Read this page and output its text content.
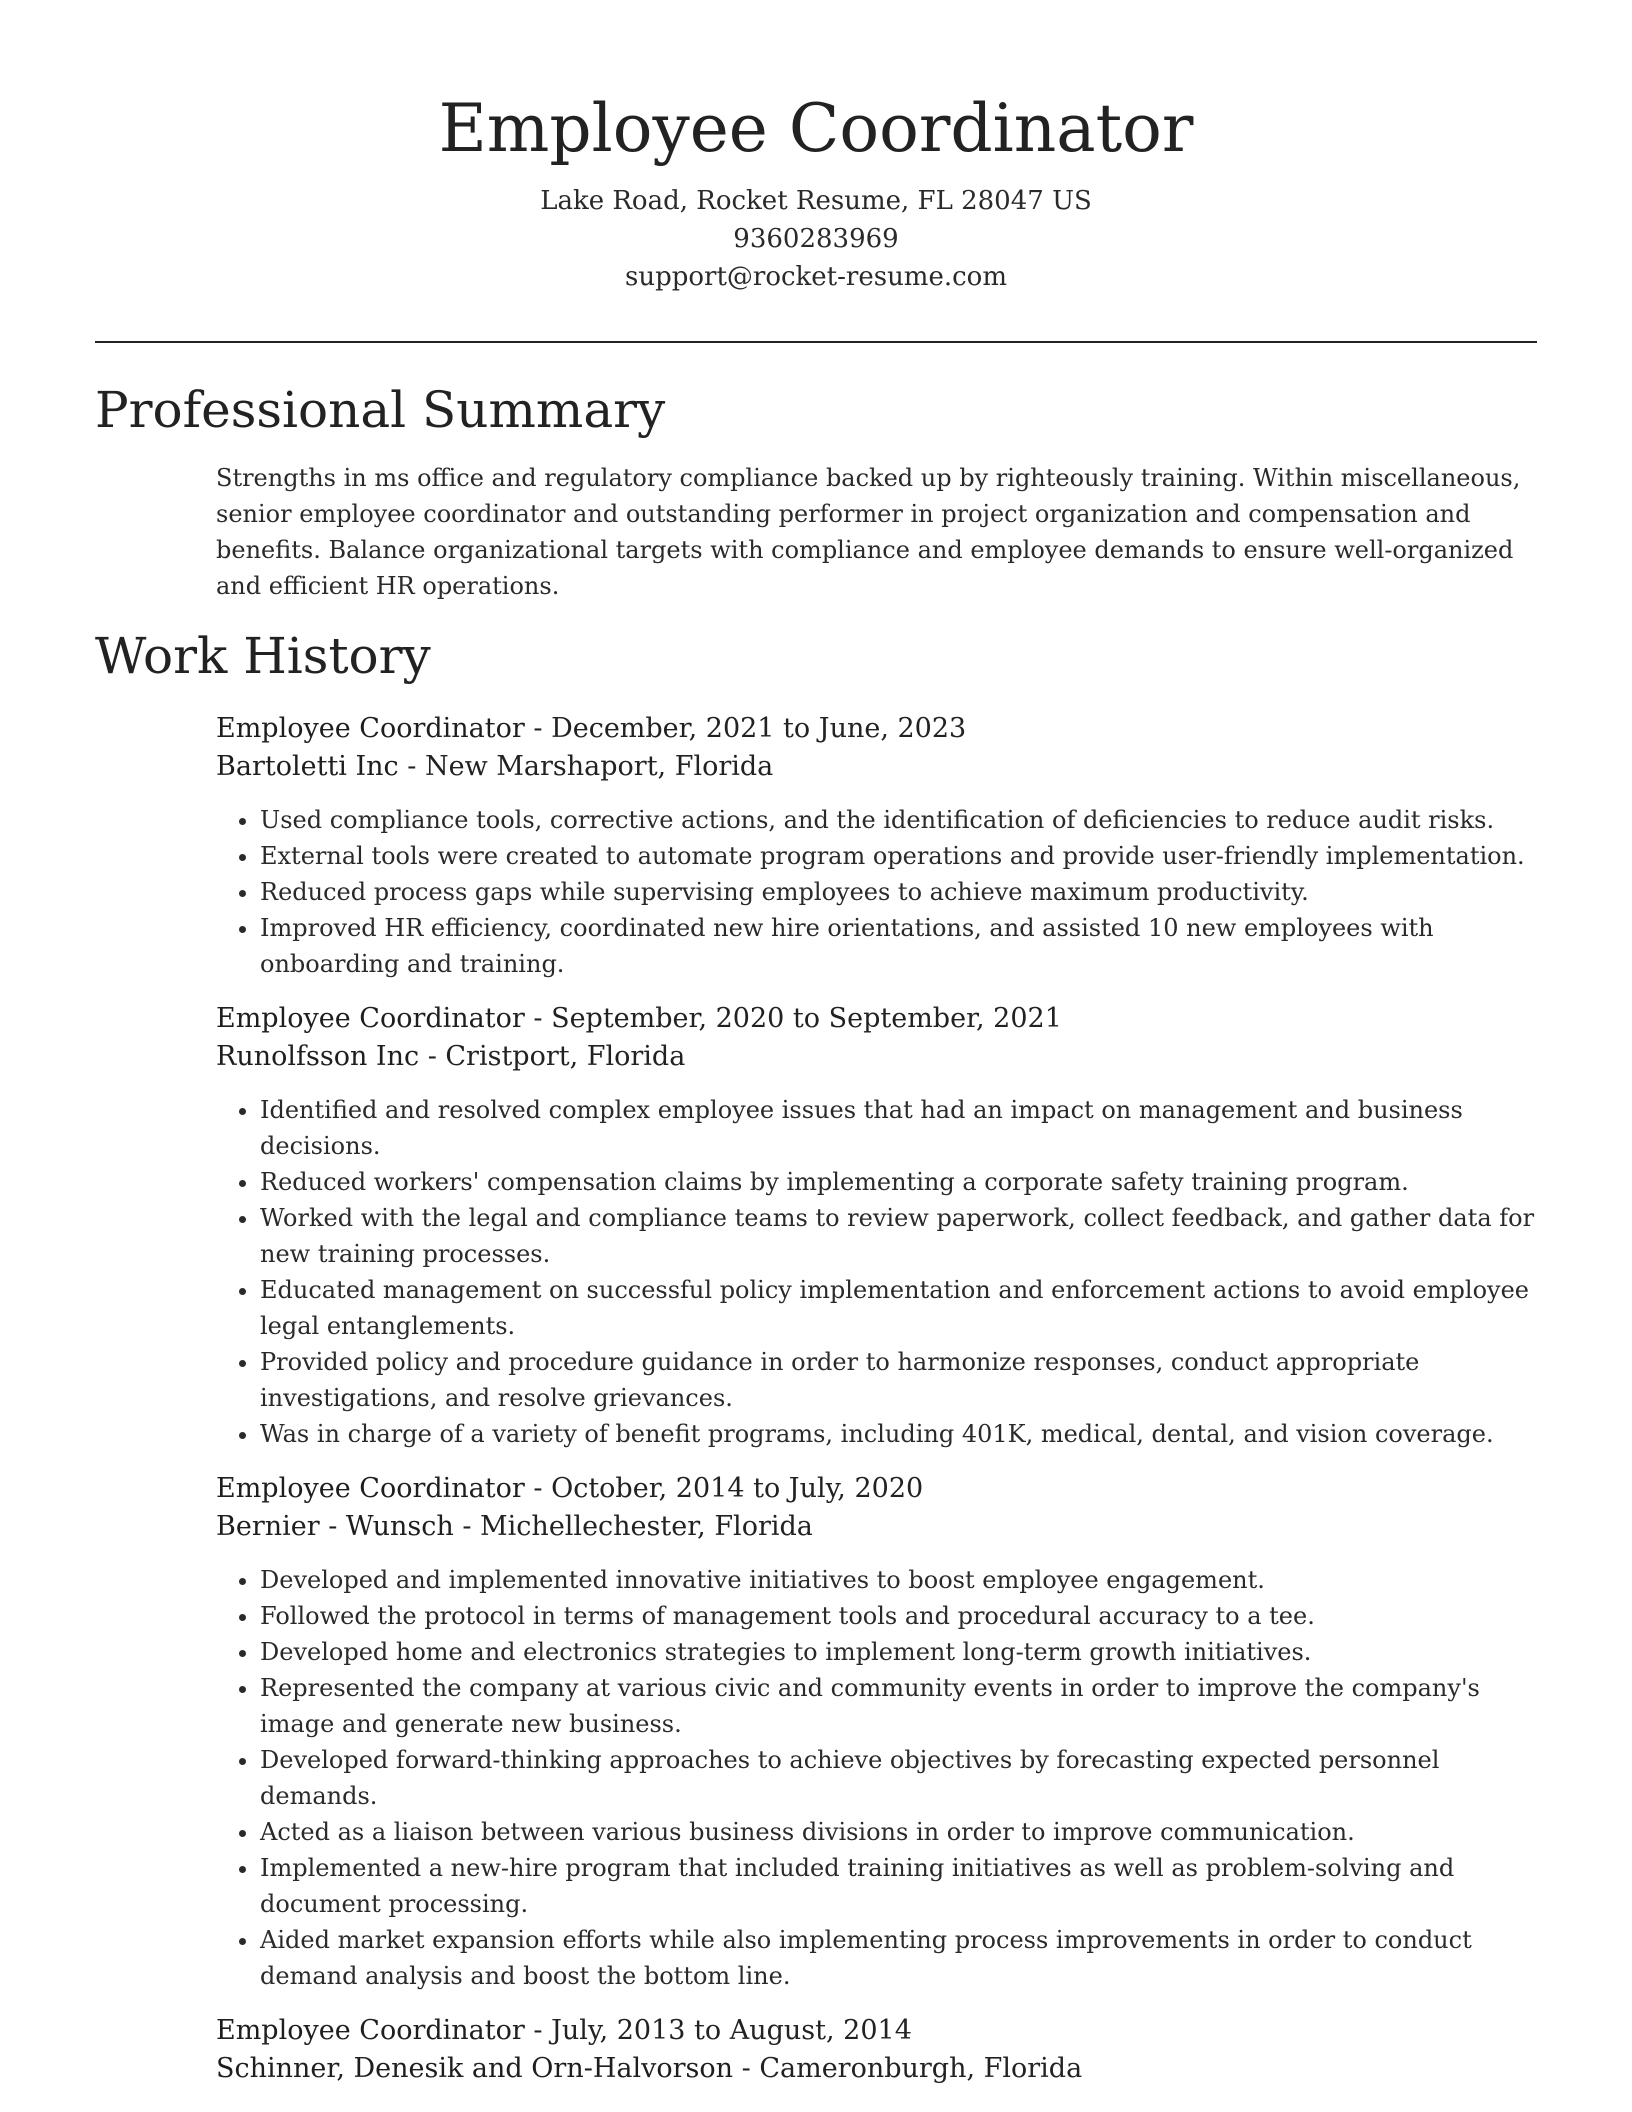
Employee Coordinator
Lake Road, Rocket Resume, FL 28047 US
9360283969
support@rocket-resume.com
Professional Summary

Strengths in ms office and regulatory compliance backed up by righteously training. Within miscellaneous, senior employee coordinator and outstanding performer in project organization and compensation and benefits. Balance organizational targets with compliance and employee demands to ensure well-organized and efficient HR operations.

Work History
Employee Coordinator - December, 2021 to June, 2023
Bartoletti Inc - New Marshaport, Florida
• Used compliance tools, corrective actions, and the identification of deficiencies to reduce audit risks.
• External tools were created to automate program operations and provide user-friendly implementation.
• Reduced process gaps while supervising employees to achieve maximum productivity.
• Improved HR efficiency, coordinated new hire orientations, and assisted 10 new employees with onboarding and training.
Employee Coordinator - September, 2020 to September, 2021
Runolfsson Inc - Cristport, Florida
• Identified and resolved complex employee issues that had an impact on management and business decisions.
• Reduced workers' compensation claims by implementing a corporate safety training program.
• Worked with the legal and compliance teams to review paperwork, collect feedback, and gather data for new training processes.
• Educated management on successful policy implementation and enforcement actions to avoid employee legal entanglements.
• Provided policy and procedure guidance in order to harmonize responses, conduct appropriate investigations, and resolve grievances.
• Was in charge of a variety of benefit programs, including 401K, medical, dental, and vision coverage.
Employee Coordinator - October, 2014 to July, 2020
Bernier - Wunsch - Michellechester, Florida
• Developed and implemented innovative initiatives to boost employee engagement.
• Followed the protocol in terms of management tools and procedural accuracy to a tee.
• Developed home and electronics strategies to implement long-term growth initiatives.
• Represented the company at various civic and community events in order to improve the company's image and generate new business.
• Developed forward-thinking approaches to achieve objectives by forecasting expected personnel demands.
• Acted as a liaison between various business divisions in order to improve communication.
• Implemented a new-hire program that included training initiatives as well as problem-solving and document processing.
• Aided market expansion efforts while also implementing process improvements in order to conduct demand analysis and boost the bottom line.
Employee Coordinator - July, 2013 to August, 2014
Schinner, Denesik and Orn-Halvorson - Cameronburgh, Florida
